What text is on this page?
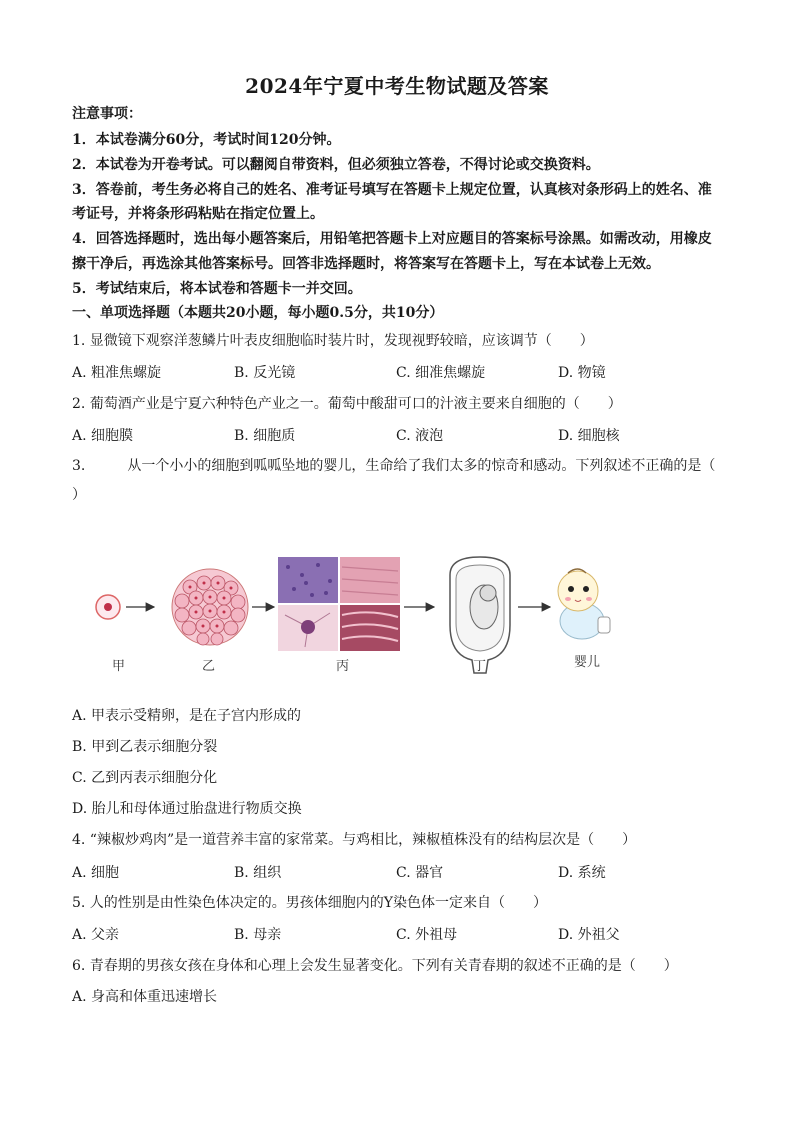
2024年宁夏中考生物试题及答案
注意事项：
1．本试卷满分60分，考试时间120分钟。
2．本试卷为开卷考试。可以翻阅自带资料，但必须独立答卷，不得讨论或交换资料。
3．答卷前，考生务必将自己的姓名、准考证号填写在答题卡上规定位置，认真核对条形码上的姓名、准
考证号，并将条形码粘贴在指定位置上。
4．回答选择题时，选出每小题答案后，用铅笔把答题卡上对应题目的答案标号涂黑。如需改动，用橡皮
擦干净后，再选涂其他答案标号。回答非选择题时，将答案写在答题卡上，写在本试卷上无效。
5．考试结束后，将本试卷和答题卡一并交回。
一、单项选择题（本题共20小题，每小题0.5分，共10分）
1. 显微镜下观察洋葱鳞片叶表皮细胞临时装片时，发现视野较暗，应该调节（　　）
A. 粗准焦螺旋	B. 反光镜	C. 细准焦螺旋	D. 物镜
2. 葡萄酒产业是宁夏六种特色产业之一。葡萄中酸甜可口的汁液主要来自细胞的（　　）
A. 细胞膜	B. 细胞质	C. 液泡	D. 细胞核
3.　　　从一个小小的细胞到呱呱坠地的婴儿，生命给了我们太多的惊奇和感动。下列叙述不正确的是（
）
甲	乙	丙	丁	婴儿
A. 甲表示受精卵，是在子宫内形成的
B. 甲到乙表示细胞分裂
C. 乙到丙表示细胞分化
D. 胎儿和母体通过胎盘进行物质交换
4. “辣椒炒鸡肉”是一道营养丰富的家常菜。与鸡相比，辣椒植株没有的结构层次是（　　）
A. 细胞	B. 组织	C. 器官	D. 系统
5. 人的性别是由性染色体决定的。男孩体细胞内的Y染色体一定来自（　　）
A. 父亲	B. 母亲	C. 外祖母	D. 外祖父
6. 青春期的男孩女孩在身体和心理上会发生显著变化。下列有关青春期的叙述不正确的是（　　）
A. 身高和体重迅速增长
